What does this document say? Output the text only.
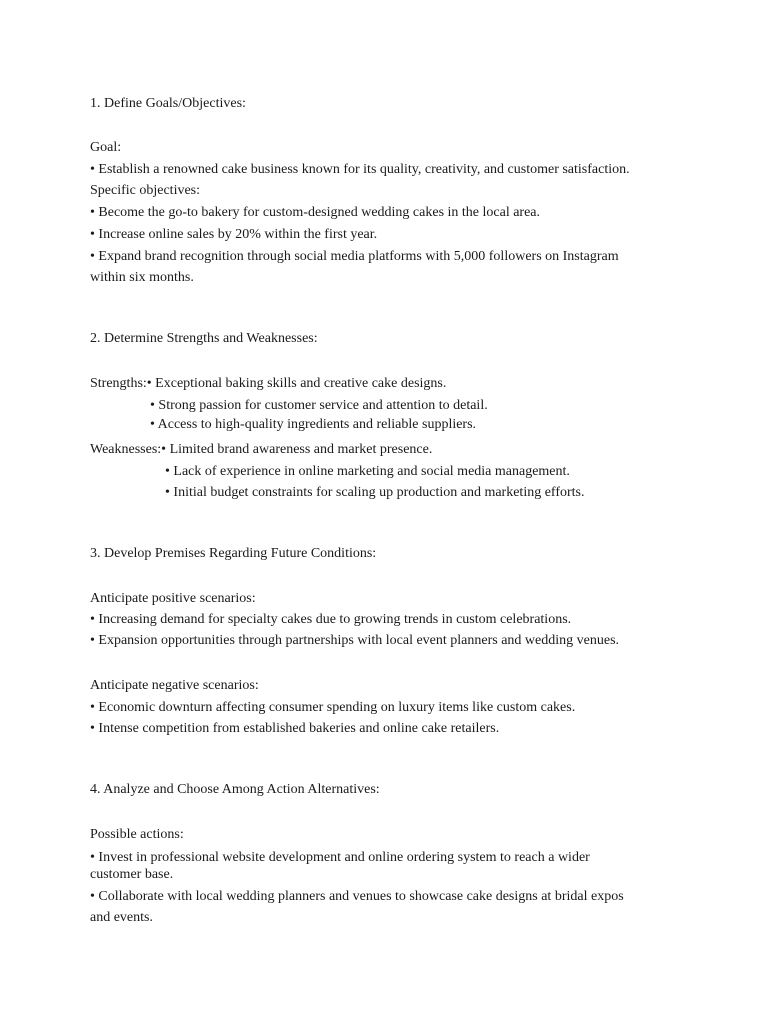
1. Define Goals/Objectives:
Goal:
• Establish a renowned cake business known for its quality, creativity, and customer satisfaction.
Specific objectives:
• Become the go-to bakery for custom-designed wedding cakes in the local area.
• Increase online sales by 20% within the first year.
• Expand brand recognition through social media platforms with 5,000 followers on Instagram
within six months.
2. Determine Strengths and Weaknesses:
Strengths:• Exceptional baking skills and creative cake designs.
• Strong passion for customer service and attention to detail.
• Access to high-quality ingredients and reliable suppliers.
Weaknesses:• Limited brand awareness and market presence.
• Lack of experience in online marketing and social media management.
• Initial budget constraints for scaling up production and marketing efforts.
3. Develop Premises Regarding Future Conditions:
Anticipate positive scenarios:
• Increasing demand for specialty cakes due to growing trends in custom celebrations.
• Expansion opportunities through partnerships with local event planners and wedding venues.
Anticipate negative scenarios:
• Economic downturn affecting consumer spending on luxury items like custom cakes.
• Intense competition from established bakeries and online cake retailers.
4. Analyze and Choose Among Action Alternatives:
Possible actions:
• Invest in professional website development and online ordering system to reach a wider
customer base.
• Collaborate with local wedding planners and venues to showcase cake designs at bridal expos
and events.
